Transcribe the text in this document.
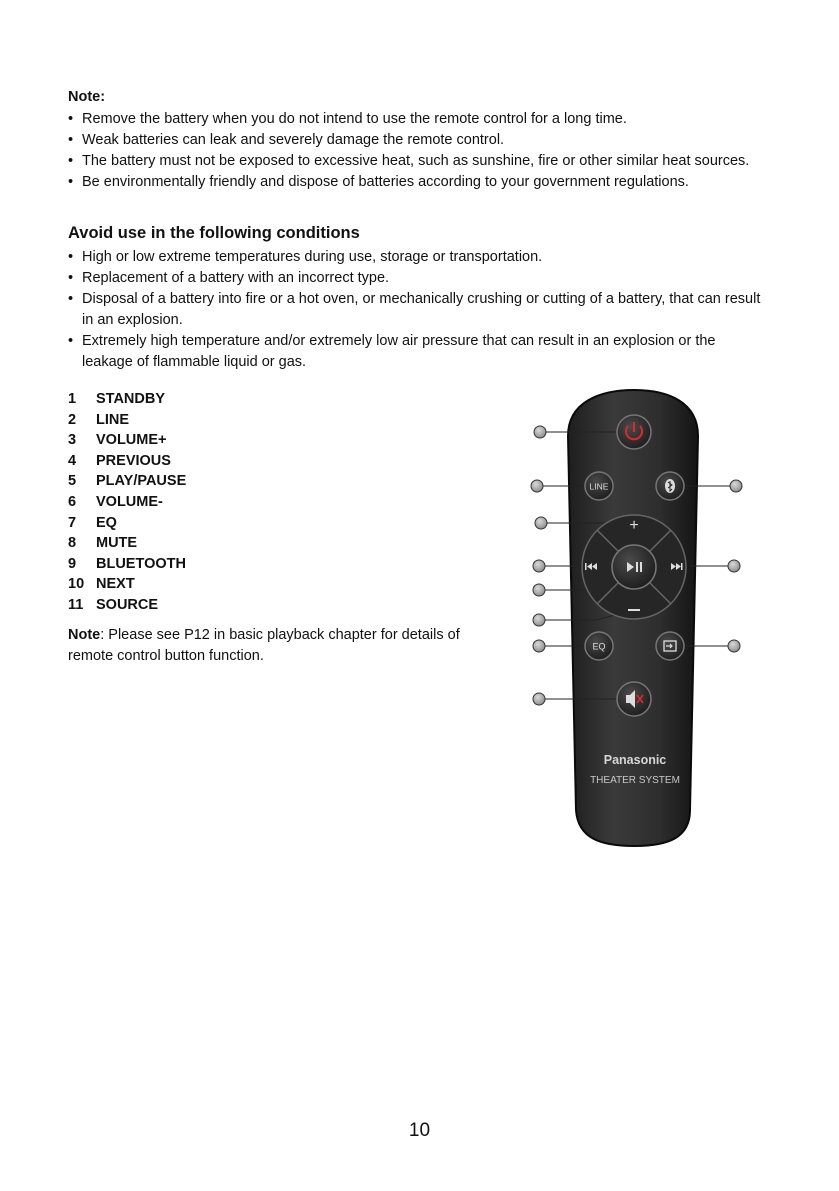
Note:
• Remove the battery when you do not intend to use the remote control for a long time.
• Weak batteries can leak and severely damage the remote control.
• The battery must not be exposed to excessive heat, such as sunshine, fire or other similar heat sources.
• Be environmentally friendly and dispose of batteries according to your government regulations.
Avoid use in the following conditions
• High or low extreme temperatures during use, storage or transportation.
• Replacement of a battery with an incorrect type.
• Disposal of a battery into fire or a hot oven, or mechanically crushing or cutting of a battery, that can result in an explosion.
• Extremely high temperature and/or extremely low air pressure that can result in an explosion or the leakage of flammable liquid or gas.
1 STANDBY
2 LINE
3 VOLUME+
4 PREVIOUS
5 PLAY/PAUSE
6 VOLUME-
7 EQ
8 MUTE
9 BLUETOOTH
10 NEXT
11 SOURCE
Note: Please see P12 in basic playback chapter for details of remote control button function.
LINE
+
EQ
Panasonic
THEATER SYSTEM
10
